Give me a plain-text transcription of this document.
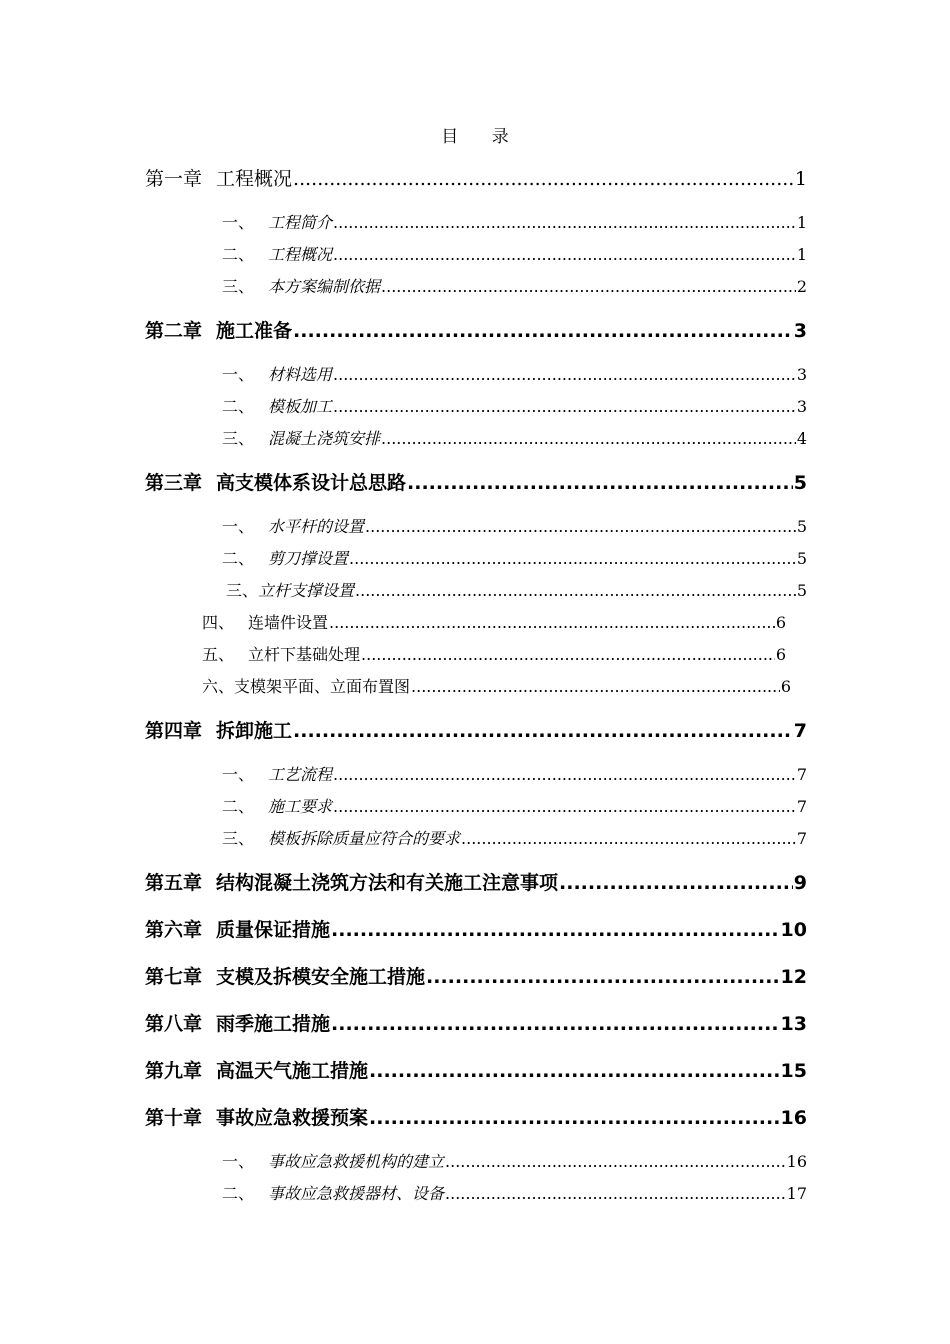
目 录
第一章 工程概况 .....	1
一、 工程简介 .....	1
二、 工程概况 .....	1
三、 本方案编制依据 .....	2
第二章 施工准备 .....	3
一、 材料选用 .....	3
二、 模板加工 .....	3
三、 混凝土浇筑安排 .....	4
第三章 高支模体系设计总思路 .....	5
一、 水平杆的设置 .....	5
二、 剪刀撑设置 .....	5
三、 立杆支撑设置 .....	5
四、 连墙件设置 .....	6
五、 立杆下基础处理 .....	6
六、 支模架平面、立面布置图 .....	6
第四章 拆卸施工 .....	7
一、 工艺流程 .....	7
二、 施工要求 .....	7
三、 模板拆除质量应符合的要求 .....	7
第五章 结构混凝土浇筑方法和有关施工注意事项 .....	9
第六章 质量保证措施 .....	10
第七章 支模及拆模安全施工措施 .....	12
第八章 雨季施工措施 .....	13
第九章 高温天气施工措施 .....	15
第十章 事故应急救援预案 .....	16
一、 事故应急救援机构的建立 .....	16
二、 事故应急救援器材、设备 .....	17
